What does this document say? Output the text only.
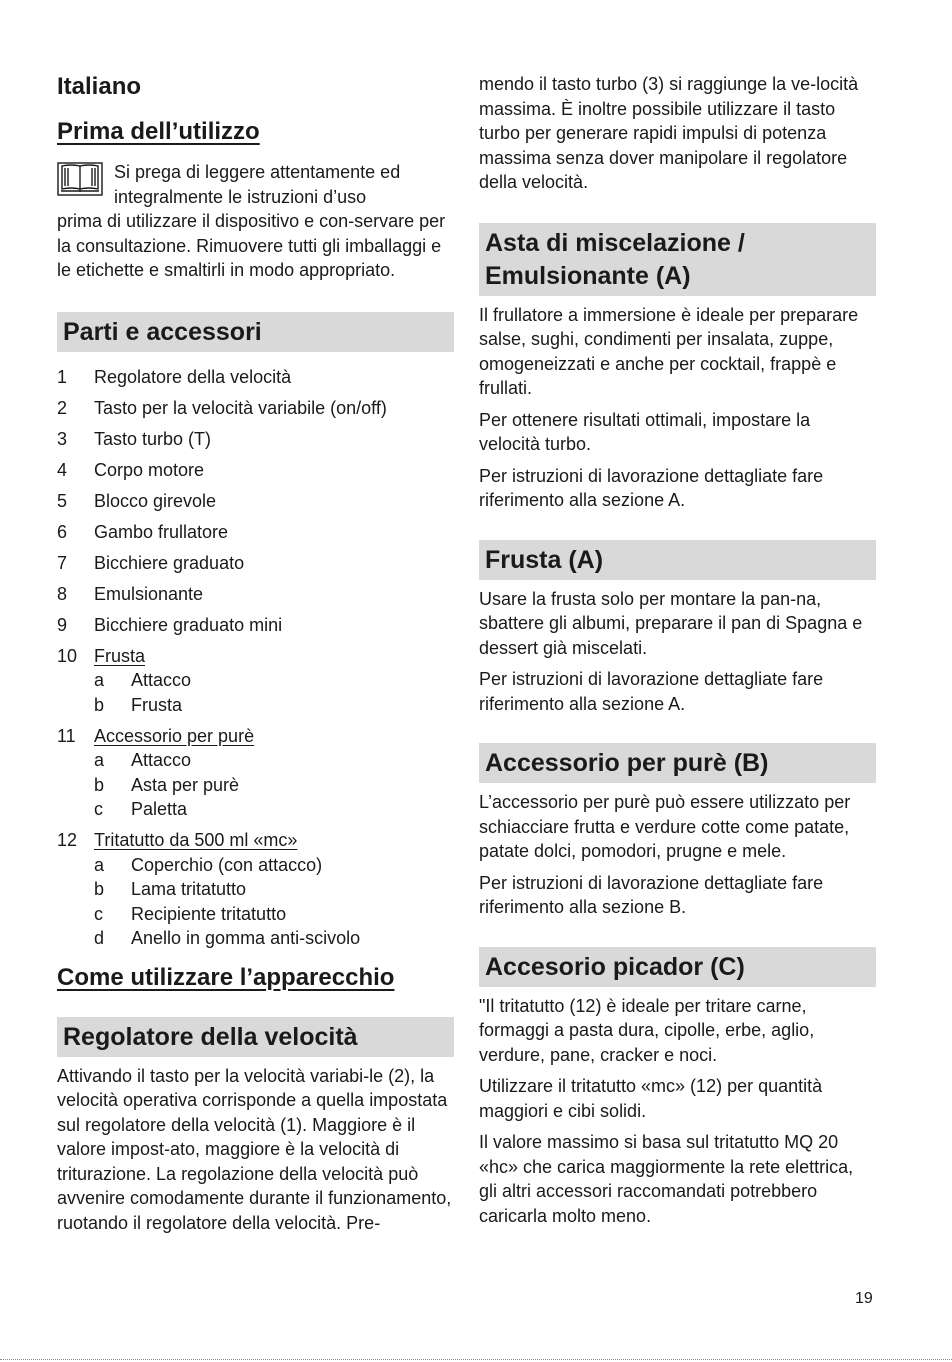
Italiano
Prima dell’utilizzo

Si prega di leggere attentamente ed

integralmente le istruzioni d’uso

prima di utilizzare il dispositivo e con-servare per la consultazione. Rimuovere tutti gli imballaggi e le etichette e smaltirli in modo appropriato.

Parti e accessori
1	Regolatore della velocità
2	Tasto per la velocità variabile (on/off)
3	Tasto turbo (T)
4	Corpo motore
5	Blocco girevole
6	Gambo frullatore
7	Bicchiere graduato
8	Emulsionante
9	Bicchiere graduato mini
10 Frusta
a	Attacco
b	Frusta
11	Accessorio per purè
a	Attacco
b	Asta per purè
c	Paletta
12 Tritatutto da 500 ml «mc»
a	Coperchio (con attacco)
b	Lama tritatutto
c	Recipiente tritatutto
d	Anello in gomma anti-scivolo
Come utilizzare l’apparecchio
Regolatore della velocità

Attivando il tasto per la velocità variabi-le (2), la velocità operativa corrisponde a quella impostata sul regolatore della velocità (1). Maggiore è il valore impost-ato, maggiore è la velocità di triturazione. La regolazione della velocità può avvenire comodamente durante il funzionamento, ruotando il regolatore della velocità. Pre-

mendo il tasto turbo (3) si raggiunge la ve-locità massima. È inoltre possibile utilizzare il tasto turbo per generare rapidi impulsi di potenza massima senza dover manipolare il regolatore della velocità.

Asta di miscelazione /
Emulsionante (A)

Il frullatore a immersione è ideale per preparare salse, sughi, condimenti per insalata, zuppe, omogeneizzati e anche per cocktail, frappè e frullati.

Per ottenere risultati ottimali, impostare la velocità turbo.

Per istruzioni di lavorazione dettagliate fare riferimento alla sezione A.

Frusta (A)

Usare la frusta solo per montare la pan-na, sbattere gli albumi, preparare il pan di Spagna e dessert già miscelati.

Per istruzioni di lavorazione dettagliate fare riferimento alla sezione A.

Accessorio per purè (B)

L’accessorio per purè può essere utilizzato per schiacciare frutta e verdure cotte come patate, patate dolci, pomodori, prugne e mele.

Per istruzioni di lavorazione dettagliate fare riferimento alla sezione B.

Accesorio picador (C)

"Il tritatutto (12) è ideale per tritare carne, formaggi a pasta dura, cipolle, erbe, aglio, verdure, pane, cracker e noci.

Utilizzare il tritatutto «mc» (12) per quantità maggiori e cibi solidi.

Il valore massimo si basa sul tritatutto MQ 20 «hc» che carica maggiormente la rete elettrica, gli altri accessori raccomandati potrebbero caricarla molto meno.

19
